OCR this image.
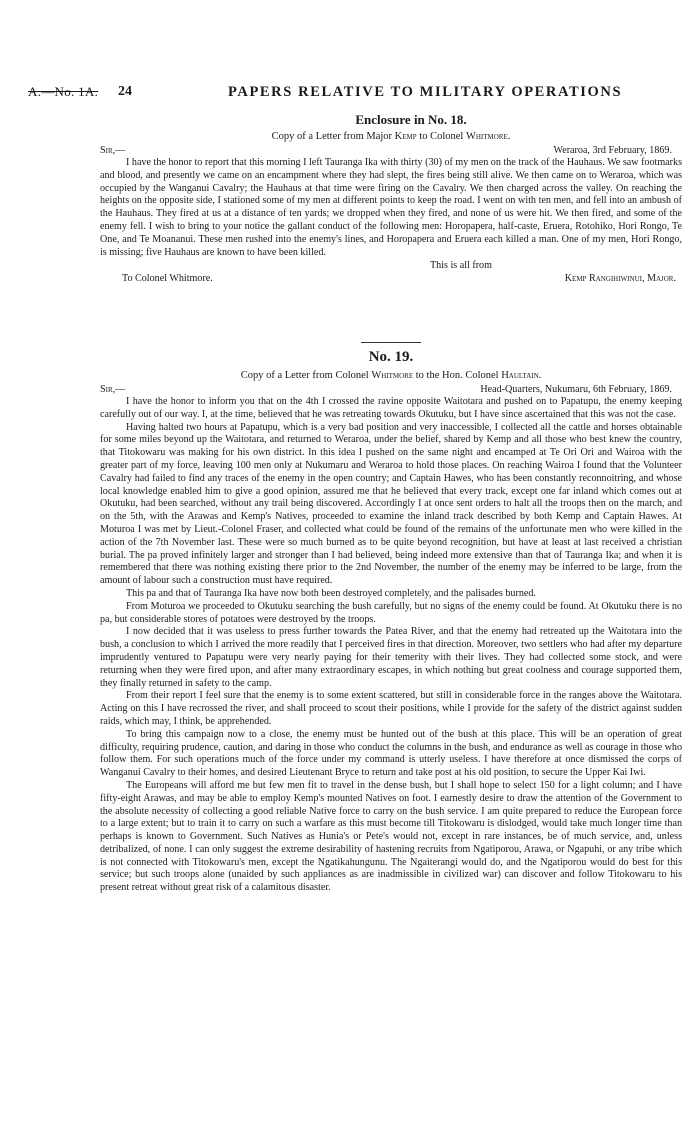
A.—No. 1A. 24	PAPERS RELATIVE TO MILITARY OPERATIONS
Enclosure in No. 18.
Copy of a Letter from Major Kemp to Colonel Whitmore.
Sir,—	Weraroa, 3rd February, 1869.

I have the honor to report that this morning I left Tauranga Ika with thirty (30) of my men on the track of the Hauhaus. We saw footmarks and blood, and presently we came on an encampment where they had slept, the fires being still alive. We then came on to Weraroa, which was occupied by the Wanganui Cavalry; the Hauhaus at that time were firing on the Cavalry. We then charged across the valley. On reaching the heights on the opposite side, I stationed some of my men at different points to keep the road. I went on with ten men, and fell into an ambush of the Hauhaus. They fired at us at a distance of ten yards; we dropped when they fired, and none of us were hit. We then fired, and some of the enemy fell. I wish to bring to your notice the gallant conduct of the following men: Horopapera, half-caste, Eruera, Rotohiko, Hori Rongo, Te One, and Te Moananui. These men rushed into the enemy's lines, and Horopapera and Eruera each killed a man. One of my men, Hori Rongo, is missing; five Hauhaus are known to have been killed.

This is all from
To Colonel Whitmore.	Kemp Rangihiwinui, Major.
No. 19.
Copy of a Letter from Colonel Whitmore to the Hon. Colonel Haultain.
Sir,—	Head-Quarters, Nukumaru, 6th February, 1869.

I have the honor to inform you that on the 4th I crossed the ravine opposite Waitotara and pushed on to Papatupu, the enemy keeping carefully out of our way. I, at the time, believed that he was retreating towards Okutuku, but I have since ascertained that this was not the case.

Having halted two hours at Papatupu, which is a very bad position and very inaccessible, I collected all the cattle and horses obtainable for some miles beyond up the Waitotara, and returned to Weraroa, under the belief, shared by Kemp and all those who best knew the country, that Titokowaru was making for his own district. In this idea I pushed on the same night and encamped at Te Ori Ori and Wairoa with the greater part of my force, leaving 100 men only at Nukumaru and Weraroa to hold those places. On reaching Wairoa I found that the Volunteer Cavalry had failed to find any traces of the enemy in the open country; and Captain Hawes, who has been constantly reconnoitring, and whose local knowledge enabled him to give a good opinion, assured me that he believed that every track, except one far inland which comes out at Okutuku, had been searched, without any trail being discovered. Accordingly I at once sent orders to halt all the troops then on the march, and on the 5th, with the Arawas and Kemp's Natives, proceeded to examine the inland track described by both Kemp and Captain Hawes. At Moturoa I was met by Lieut.-Colonel Fraser, and collected what could be found of the remains of the unfortunate men who were killed in the action of the 7th November last. These were so much burned as to be quite beyond recognition, but have at least at last received a christian burial. The pa proved infinitely larger and stronger than I had believed, being indeed more extensive than that of Tauranga Ika; and when it is remembered that there was nothing existing there prior to the 2nd November, the number of the enemy may be inferred to be large, from the amount of labour such a construction must have required.

This pa and that of Tauranga Ika have now both been destroyed completely, and the palisades burned.

From Moturoa we proceeded to Okutuku searching the bush carefully, but no signs of the enemy could be found. At Okutuku there is no pa, but considerable stores of potatoes were destroyed by the troops.

I now decided that it was useless to press further towards the Patea River, and that the enemy had retreated up the Waitotara into the bush, a conclusion to which I arrived the more readily that I perceived fires in that direction. Moreover, two settlers who had after my departure imprudently ventured to Papatupu were very nearly paying for their temerity with their lives. They had collected some stock, and were returning when they were fired upon, and after many extraordinary escapes, in which nothing but great coolness and courage supported them, they finally returned in safety to the camp.

From their report I feel sure that the enemy is to some extent scattered, but still in considerable force in the ranges above the Waitotara. Acting on this I have recrossed the river, and shall proceed to scout their positions, while I provide for the safety of the district against sudden raids, which may, I think, be apprehended.

To bring this campaign now to a close, the enemy must be hunted out of the bush at this place. This will be an operation of great difficulty, requiring prudence, caution, and daring in those who conduct the columns in the bush, and endurance as well as courage in those who follow them. For such operations much of the force under my command is utterly useless. I have therefore at once dismissed the corps of Wanganui Cavalry to their homes, and desired Lieutenant Bryce to return and take post at his old position, to secure the Upper Kai Iwi.

The Europeans will afford me but few men fit to travel in the dense bush, but I shall hope to select 150 for a light column; and I have fifty-eight Arawas, and may be able to employ Kemp's mounted Natives on foot. I earnestly desire to draw the attention of the Government to the absolute necessity of collecting a good reliable Native force to carry on the bush service. I am quite prepared to reduce the European force to a large extent; but to train it to carry on such a warfare as this must become till Titokowaru is dislodged, would take much longer time than perhaps is known to Government. Such Natives as Hunia's or Pete's would not, except in rare instances, be of much service, and, unless detribalized, of none. I can only suggest the extreme desirability of hastening recruits from Ngatiporou, Arawa, or Ngapuhi, or any tribe which is not connected with Titokowaru's men, except the Ngatikahungunu. The Ngaiterangi would do, and the Ngatiporou would do best for this service; but such troops alone (unaided by such appliances as are inadmissible in civilized war) can discover and follow Titokowaru to his present retreat without great risk of a calamitous disaster.
